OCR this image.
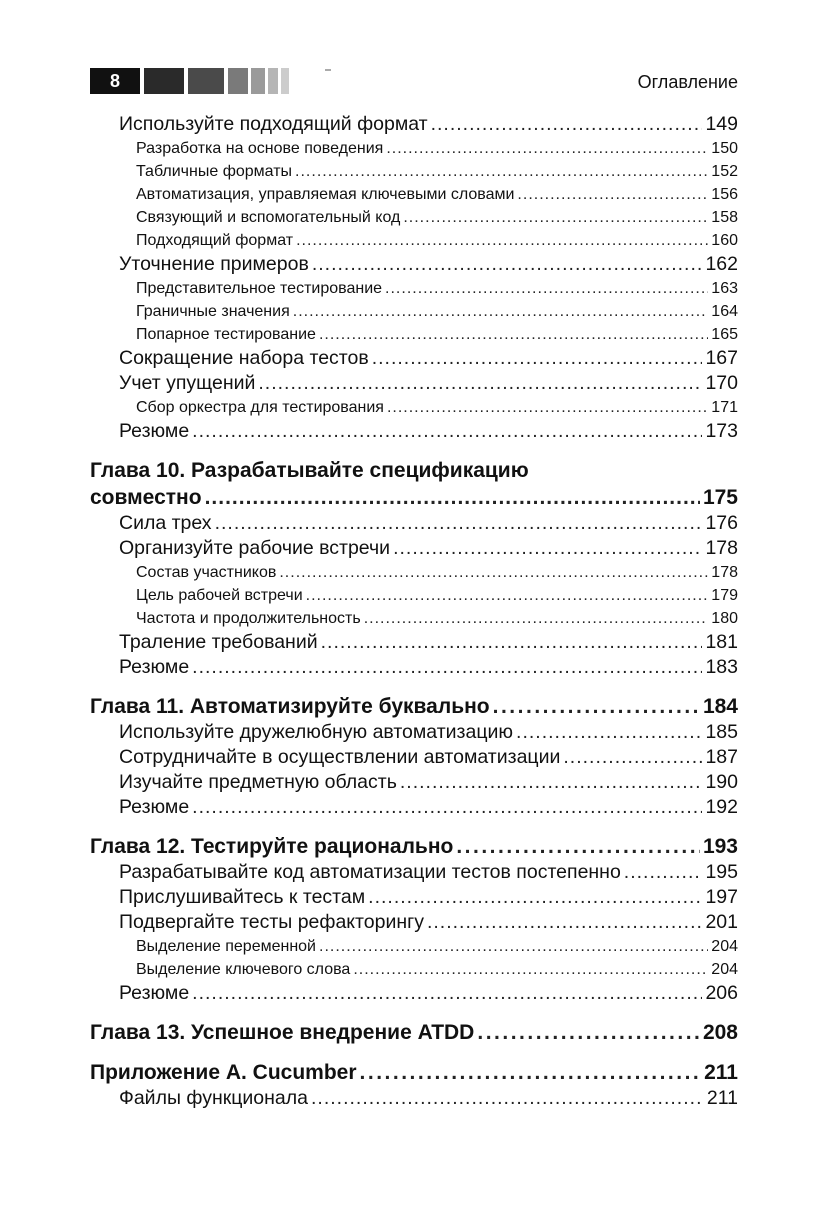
8	Оглавление
Используйте подходящий формат .....	149
Разработка на основе поведения .....	150
Табличные форматы .....	152
Автоматизация, управляемая ключевыми словами .....	156
Связующий и вспомогательный код .....	158
Подходящий формат .....	160
Уточнение примеров .....	162
Представительное тестирование .....	163
Граничные значения .....	164
Попарное тестирование .....	165
Сокращение набора тестов .....	167
Учет упущений .....	170
Сбор оркестра для тестирования .....	171
Резюме .....	173
Глава 10. Разрабатывайте спецификацию
совместно .....	175
Сила трех .....	176
Организуйте рабочие встречи .....	178
Состав участников .....	178
Цель рабочей встречи .....	179
Частота и продолжительность .....	180
Траление требований .....	181
Резюме .....	183
Глава 11. Автоматизируйте буквально .....	184
Используйте дружелюбную автоматизацию .....	185
Сотрудничайте в осуществлении автоматизации .....	187
Изучайте предметную область .....	190
Резюме .....	192
Глава 12. Тестируйте рационально .....	193
Разрабатывайте код автоматизации тестов постепенно .....	195
Прислушивайтесь к тестам .....	197
Подвергайте тесты рефакторингу .....	201
Выделение переменной .....	204
Выделение ключевого слова .....	204
Резюме .....	206
Глава 13. Успешное внедрение ATDD .....	208
Приложение A. Cucumber .....	211
Файлы функционала .....	211
